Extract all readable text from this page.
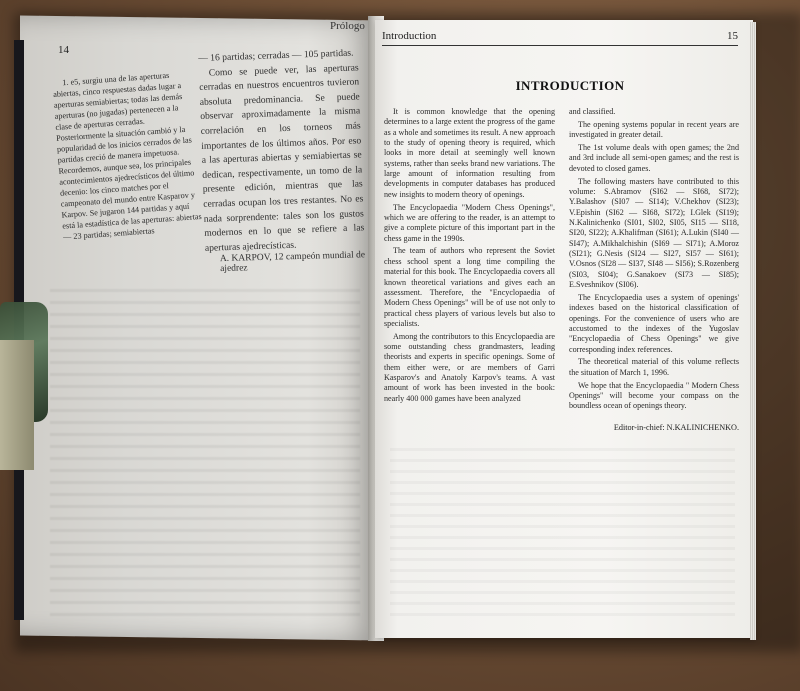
14
Prólogo

1. e5, surgiu una de las aperturas abiertas, cinco respuestas dadas lugar a aperturas semiabiertas; todas las demás aperturas (no jugadas) pertenecen a la clase de aperturas cerradas. Posteriormente la situación cambió y la popularidad de los inicios cerrados de las partidas creció de manera impetuosa. Recordemos, aunque sea, los principales acontecimientos ajedrecísticos del último decenio: los cinco matches por el campeonato del mundo entre Kasparov y Karpov. Se jugaron 144 partidas y aquí está la estadística de las aperturas: abiertas — 23 partidas; semiabiertas

— 16 partidas; cerradas — 105 partidas.

Como se puede ver, las aperturas cerradas en nuestros encuentros tuvieron absoluta predominancia. Se puede observar aproximadamente la misma correlación en los torneos más importantes de los últimos años. Por eso a las aperturas abiertas y semiabiertas se dedican, respectivamente, un tomo de la presente edición, mientras que las cerradas ocupan los tres restantes. No es nada sorprendente: tales son los gustos modernos en lo que se refiere a las aperturas ajedrecísticas.

A. KARPOV, 12 campeón mundial de ajedrez
Introduction	15
INTRODUCTION

It is common knowledge that the opening determines to a large extent the progress of the game as a whole and sometimes its result. A new approach to the study of opening theory is required, which looks in more detail at seemingly well known systems, rather than seeks brand new variations. The large amount of information resulting from developments in computer databases has produced new insights to modern theory of openings.

The Encyclopaedia "Modern Chess Openings", which we are offering to the reader, is an attempt to give a complete picture of this important part in the chess game in the 1990s.

The team of authors who represent the Soviet chess school spent a long time compiling the material for this book. The Encyclopaedia covers all known theoretical variations and gives each an assessment. Therefore, the "Encyclopaedia of Modern Chess Openings" will be of use not only to practical chess players of various levels but also to specialists.

Among the contributors to this Encyclopaedia are some outstanding chess grandmasters, leading theorists and experts in specific openings. Some of them either were, or are members of Garri Kasparov's and Anatoly Karpov's teams. A vast amount of work has been invested in the book: nearly 400 000 games have been analyzed

and classified.

The opening systems popular in recent years are investigated in greater detail.

The 1st volume deals with open games; the 2nd and 3rd include all semi-open games; and the rest is devoted to closed games.

The following masters have contributed to this volume: S.Abramov (SI62 — SI68, SI72); Y.Balashov (SI07 — SI14); V.Chekhov (SI23); V.Epishin (SI62 — SI68, SI72); I.Glek (SI19); N.Kalinichenko (SI01, SI02, SI05, SI15 — SI18, SI20, SI22); A.Khalifman (SI61); A.Lukin (SI40 — SI47); A.Mikhalchishin (SI69 — SI71); A.Moroz (SI21); G.Nesis (SI24 — SI27, SI57 — SI61); V.Osnos (SI28 — SI37, SI48 — SI56); S.Rozenberg (SI03, SI04); G.Sanakoev (SI73 — SI85); E.Sveshnikov (SI06).

The Encyclopaedia uses a system of openings' indexes based on the historical classification of openings. For the convenience of users who are accustomed to the indexes of the Yugoslav "Encyclopaedia of Chess Openings" we give corresponding index references.

The theoretical material of this volume reflects the situation of March 1, 1996.

We hope that the Encyclopaedia " Modern Chess Openings" will become your compass on the boundless ocean of openings theory.

Editor-in-chief: N.KALINICHENKO.
